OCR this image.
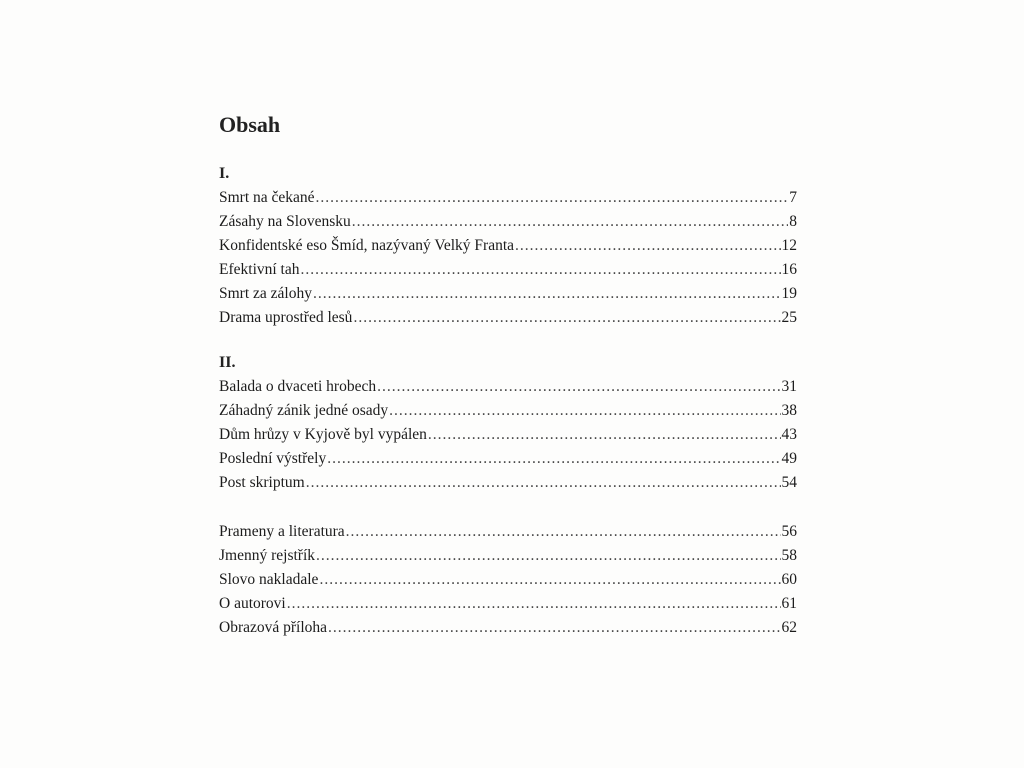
Obsah
I.
Smrt na čekané .....	7
Zásahy na Slovensku .....	8
Konfidentské eso Šmíd, nazývaný Velký Franta .....	12
Efektivní tah .....	16
Smrt za zálohy .....	19
Drama uprostřed lesů .....	25
II.
Balada o dvaceti hrobech .....	31
Záhadný zánik jedné osady .....	38
Dům hrůzy v Kyjově byl vypálen .....	43
Poslední výstřely .....	49
Post skriptum .....	54
Prameny a literatura .....	56
Jmenný rejstřík .....	58
Slovo nakladale .....	60
O autorovi .....	61
Obrazová příloha .....	62
